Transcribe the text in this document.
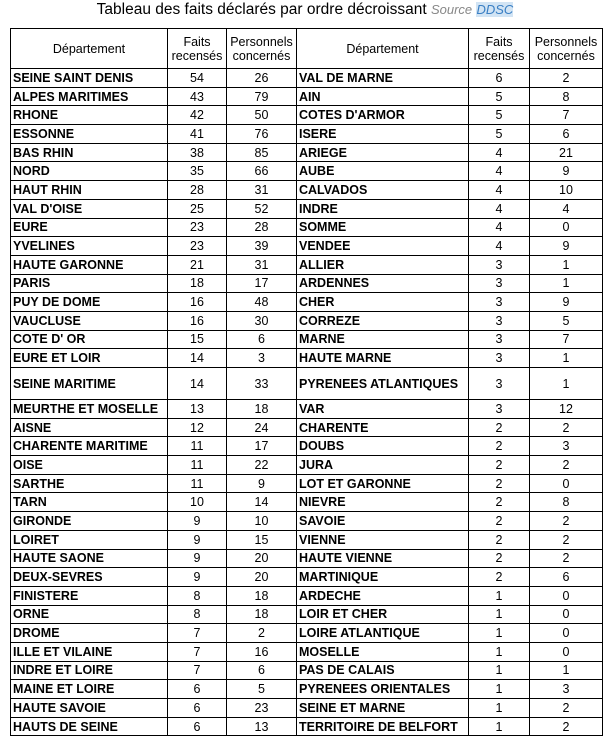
Tableau des faits déclarés par ordre décroissant Source DDSC
Département	Faits recensés	Personnels concernés	Département	Faits recensés	Personnels concernés
SEINE SAINT DENIS	54	26	VAL DE MARNE	6	2
ALPES MARITIMES	43	79	AIN	5	8
RHONE	42	50	COTES D'ARMOR	5	7
ESSONNE	41	76	ISERE	5	6
BAS RHIN	38	85	ARIEGE	4	21
NORD	35	66	AUBE	4	9
HAUT RHIN	28	31	CALVADOS	4	10
VAL D'OISE	25	52	INDRE	4	4
EURE	23	28	SOMME	4	0
YVELINES	23	39	VENDEE	4	9
HAUTE GARONNE	21	31	ALLIER	3	1
PARIS	18	17	ARDENNES	3	1
PUY DE DOME	16	48	CHER	3	9
VAUCLUSE	16	30	CORREZE	3	5
COTE D' OR	15	6	MARNE	3	7
EURE ET LOIR	14	3	HAUTE MARNE	3	1
SEINE MARITIME	14	33	PYRENEES ATLANTIQUES	3	1
MEURTHE ET MOSELLE	13	18	VAR	3	12
AISNE	12	24	CHARENTE	2	2
CHARENTE MARITIME	11	17	DOUBS	2	3
OISE	11	22	JURA	2	2
SARTHE	11	9	LOT ET GARONNE	2	0
TARN	10	14	NIEVRE	2	8
GIRONDE	9	10	SAVOIE	2	2
LOIRET	9	15	VIENNE	2	2
HAUTE SAONE	9	20	HAUTE VIENNE	2	2
DEUX-SEVRES	9	20	MARTINIQUE	2	6
FINISTERE	8	18	ARDECHE	1	0
ORNE	8	18	LOIR ET CHER	1	0
DROME	7	2	LOIRE ATLANTIQUE	1	0
ILLE ET VILAINE	7	16	MOSELLE	1	0
INDRE ET LOIRE	7	6	PAS DE CALAIS	1	1
MAINE ET LOIRE	6	5	PYRENEES ORIENTALES	1	3
HAUTE SAVOIE	6	23	SEINE ET MARNE	1	2
HAUTS DE SEINE	6	13	TERRITOIRE DE BELFORT	1	2
